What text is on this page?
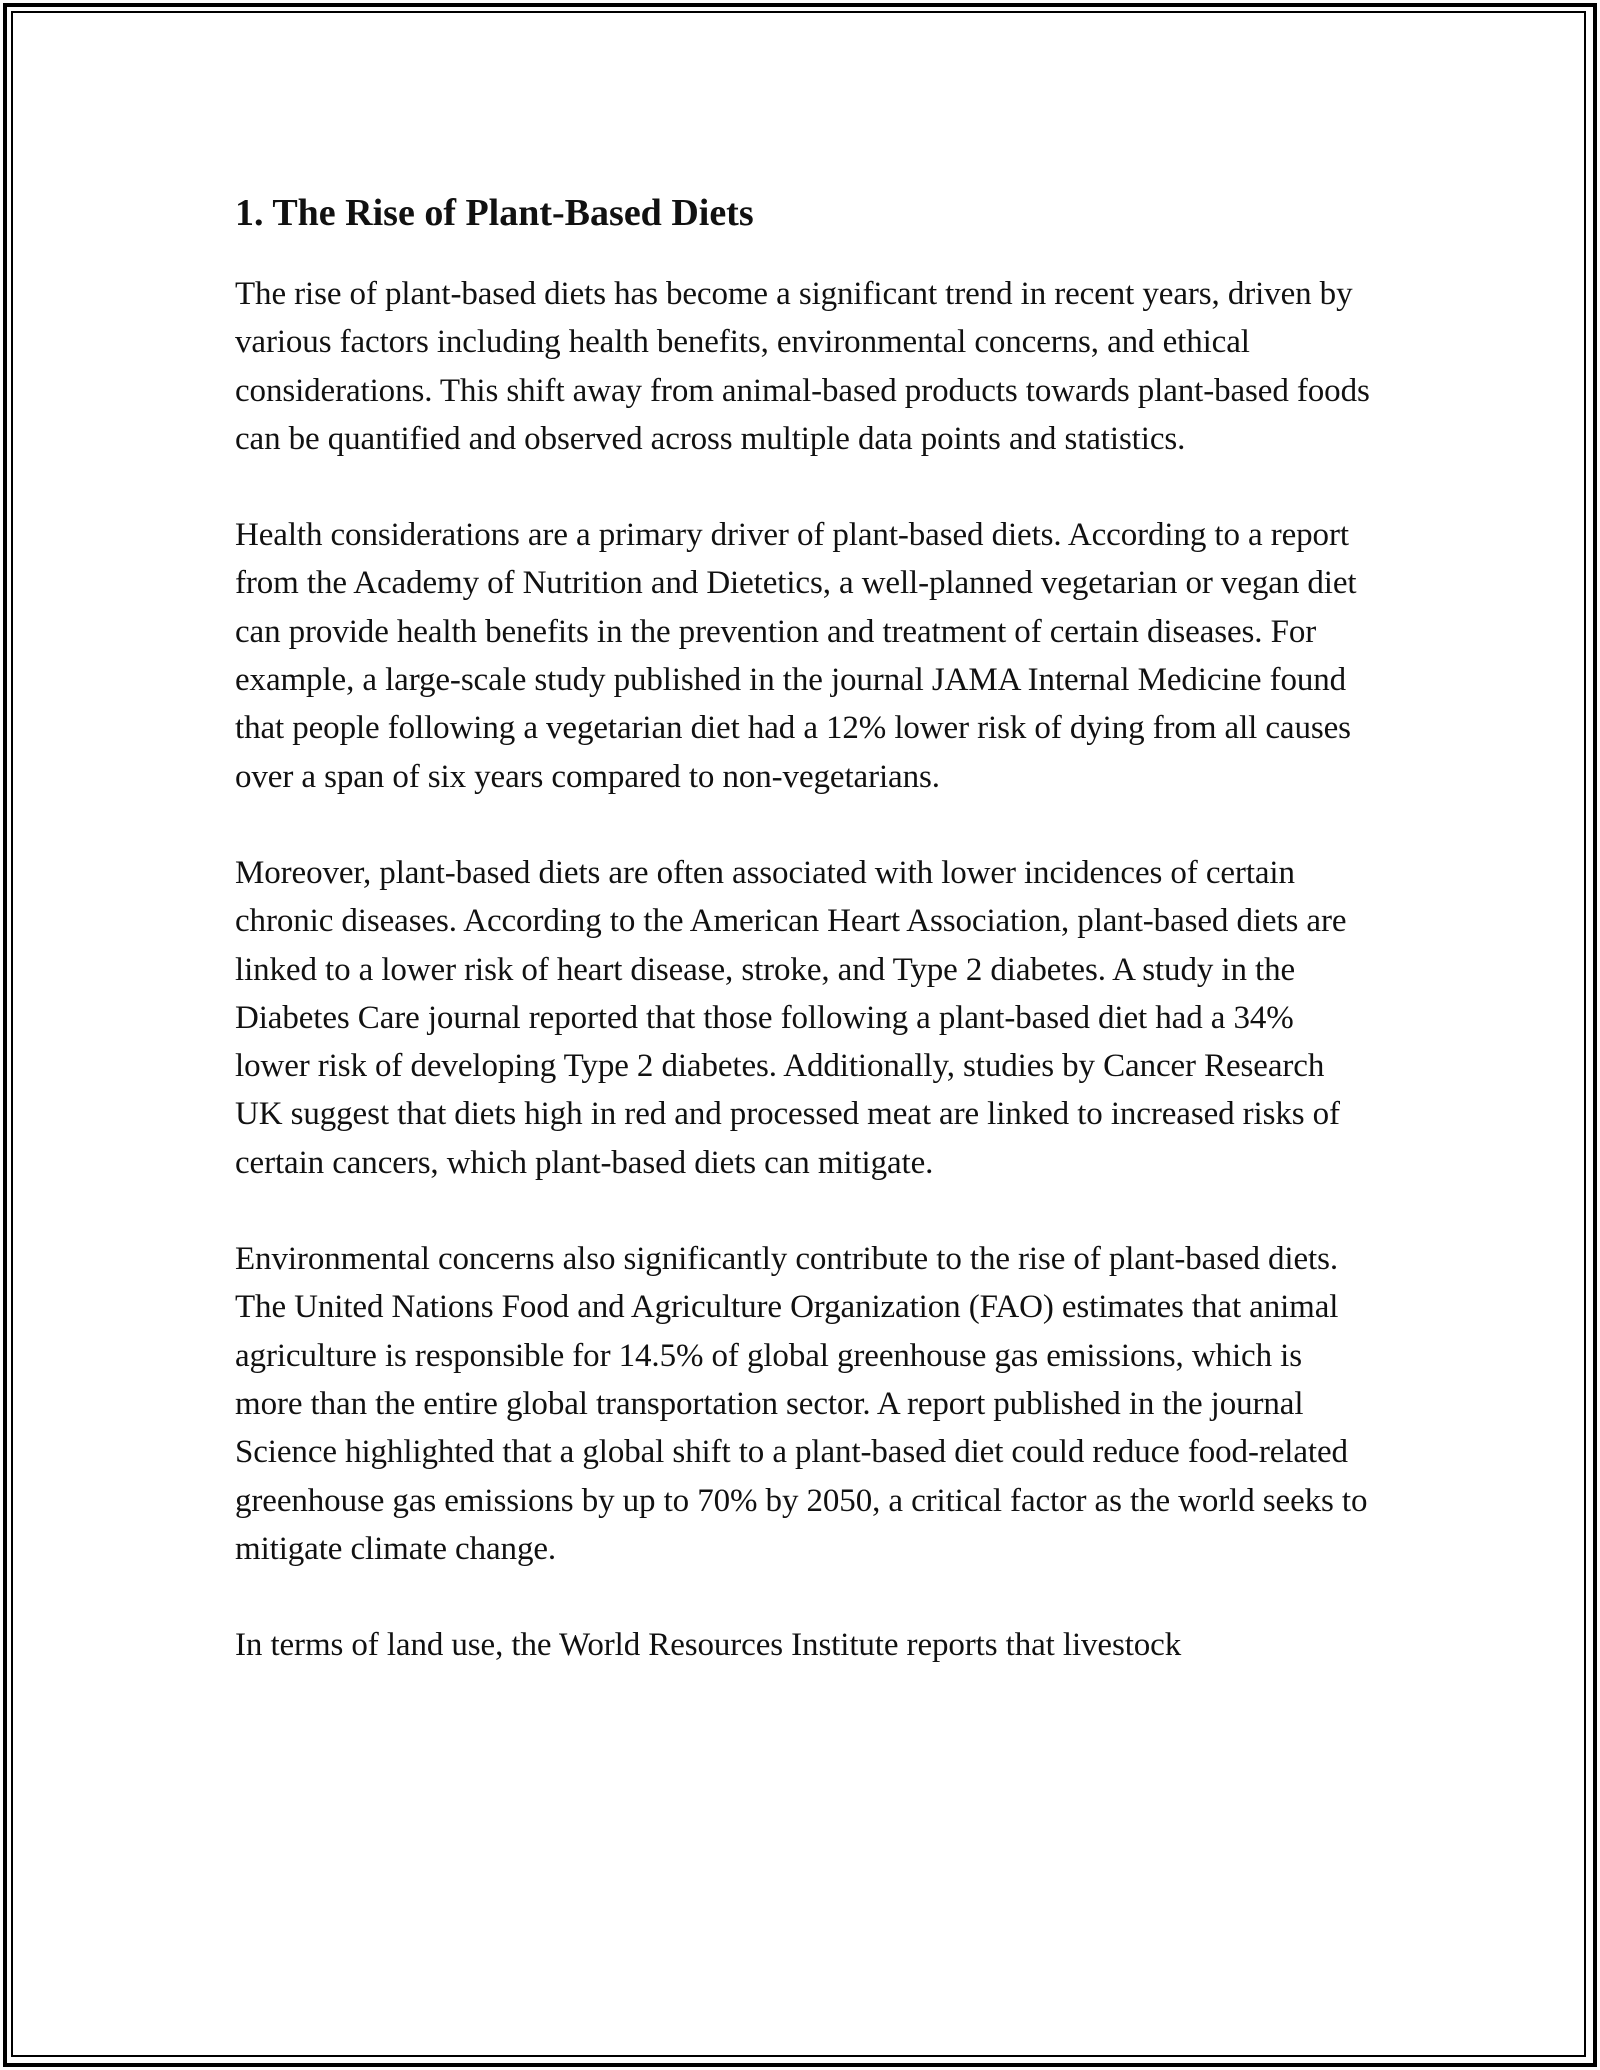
1. The Rise of Plant-Based Diets

The rise of plant-based diets has become a significant trend in recent years, driven by various factors including health benefits, environmental concerns, and ethical considerations. This shift away from animal-based products towards plant-based foods can be quantified and observed across multiple data points and statistics.

Health considerations are a primary driver of plant-based diets. According to a report from the Academy of Nutrition and Dietetics, a well-planned vegetarian or vegan diet can provide health benefits in the prevention and treatment of certain diseases. For example, a large-scale study published in the journal JAMA Internal Medicine found that people following a vegetarian diet had a 12% lower risk of dying from all causes over a span of six years compared to non-vegetarians.

Moreover, plant-based diets are often associated with lower incidences of certain chronic diseases. According to the American Heart Association, plant-based diets are linked to a lower risk of heart disease, stroke, and Type 2 diabetes. A study in the Diabetes Care journal reported that those following a plant-based diet had a 34% lower risk of developing Type 2 diabetes. Additionally, studies by Cancer Research UK suggest that diets high in red and processed meat are linked to increased risks of certain cancers, which plant-based diets can mitigate.

Environmental concerns also significantly contribute to the rise of plant-based diets. The United Nations Food and Agriculture Organization (FAO) estimates that animal agriculture is responsible for 14.5% of global greenhouse gas emissions, which is more than the entire global transportation sector. A report published in the journal Science highlighted that a global shift to a plant-based diet could reduce food-related greenhouse gas emissions by up to 70% by 2050, a critical factor as the world seeks to mitigate climate change.

In terms of land use, the World Resources Institute reports that livestock
